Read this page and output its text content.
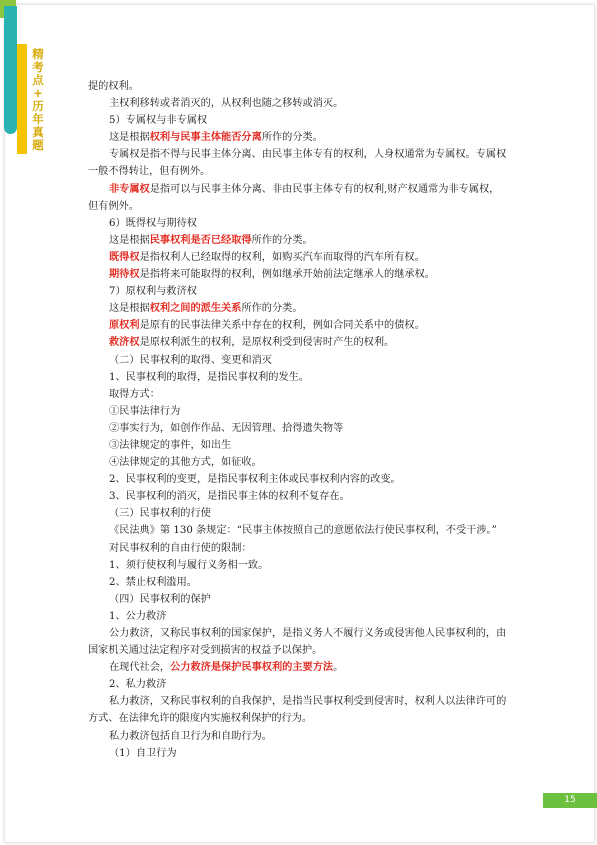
精
考
点
+
历
年
真
题

提的权利。

主权利移转或者消灭的，从权利也随之移转或消灭。

5）专属权与非专属权

这是根据权利与民事主体能否分离所作的分类。

专属权是指不得与民事主体分离、由民事主体专有的权利，人身权通常为专属权。专属权一般不得转让，但有例外。

非专属权是指可以与民事主体分离、非由民事主体专有的权利,财产权通常为非专属权，但有例外。

6）既得权与期待权

这是根据民事权利是否已经取得所作的分类。

既得权是指权利人已经取得的权利，如购买汽车而取得的汽车所有权。

期待权是指将来可能取得的权利，例如继承开始前法定继承人的继承权。

7）原权利与救济权

这是根据权利之间的派生关系所作的分类。

原权利是原有的民事法律关系中存在的权利，例如合同关系中的债权。

救济权是原权利派生的权利，是原权利受到侵害时产生的权利。

（二）民事权利的取得、变更和消灭

1、民事权利的取得，是指民事权利的发生。

取得方式：

①民事法律行为

②事实行为，如创作作品、无因管理、拾得遗失物等

③法律规定的事件，如出生

④法律规定的其他方式，如征收。

2、民事权利的变更，是指民事权利主体或民事权利内容的改变。

3、民事权利的消灭，是指民事主体的权利不复存在。

（三）民事权利的行使

《民法典》第 130 条规定：“民事主体按照自己的意愿依法行使民事权利，不受干涉。”

对民事权利的自由行使的限制：

1、须行使权利与履行义务相一致。

2、禁止权利滥用。

（四）民事权利的保护

1、公力救济

公力救济，又称民事权利的国家保护，是指义务人不履行义务或侵害他人民事权利的，由国家机关通过法定程序对受到损害的权益予以保护。

在现代社会，公力救济是保护民事权利的主要方法。

2、私力救济

私力救济，又称民事权利的自我保护，是指当民事权利受到侵害时，权利人以法律许可的方式、在法律允许的限度内实施权利保护的行为。

私力救济包括自卫行为和自助行为。

（1）自卫行为

15
